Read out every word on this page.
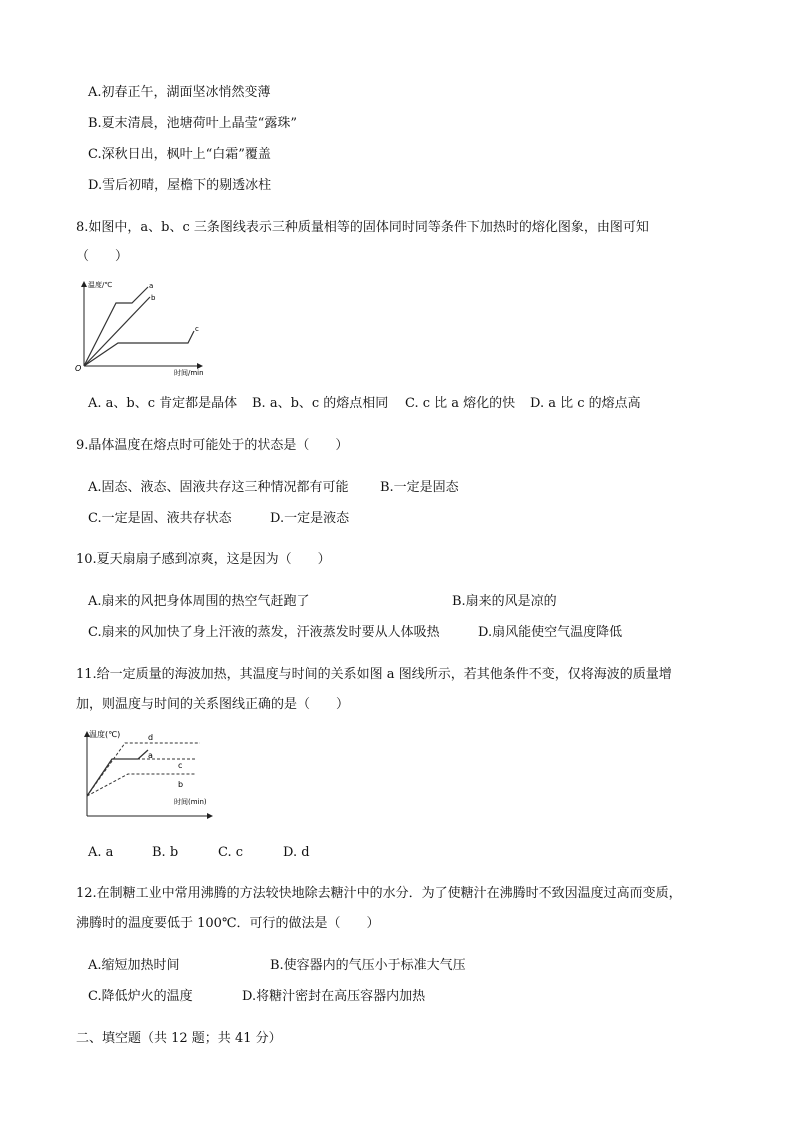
A.初春正午，湖面坚冰悄然变薄
B.夏末清晨，池塘荷叶上晶莹“露珠”
C.深秋日出，枫叶上“白霜”覆盖
D.雪后初晴，屋檐下的剔透冰柱
8.如图中，a、b、c 三条图线表示三种质量相等的固体同时同等条件下加热时的熔化图象，由图可知
（　　）
温度/℃
时间/min
O
a
b
c
A. a、b、c 肯定都是晶体 B. a、b、c 的熔点相同 C. c 比 a 熔化的快 D. a 比 c 的熔点高
9.晶体温度在熔点时可能处于的状态是（　　）
A.固态、液态、固液共存这三种情况都有可能 B.一定是固态
C.一定是固、液共存状态	D.一定是液态
10.夏天扇扇子感到凉爽，这是因为（　　）
A.扇来的风把身体周围的热空气赶跑了	B.扇来的风是凉的
C.扇来的风加快了身上汗液的蒸发，汗液蒸发时要从人体吸热	D.扇风能使空气温度降低
11.给一定质量的海波加热，其温度与时间的关系如图 a 图线所示，若其他条件不变，仅将海波的质量增
加，则温度与时间的关系图线正确的是（　　）
温度(℃)
时间(min)
d
a
c
b
A. a	B. b	C. c	D. d
12.在制糖工业中常用沸腾的方法较快地除去糖汁中的水分．为了使糖汁在沸腾时不致因温度过高而变质，
沸腾时的温度要低于 100℃．可行的做法是（　　）
A.缩短加热时间	B.使容器内的气压小于标准大气压
C.降低炉火的温度	D.将糖汁密封在高压容器内加热
二、填空题（共 12 题；共 41 分）
